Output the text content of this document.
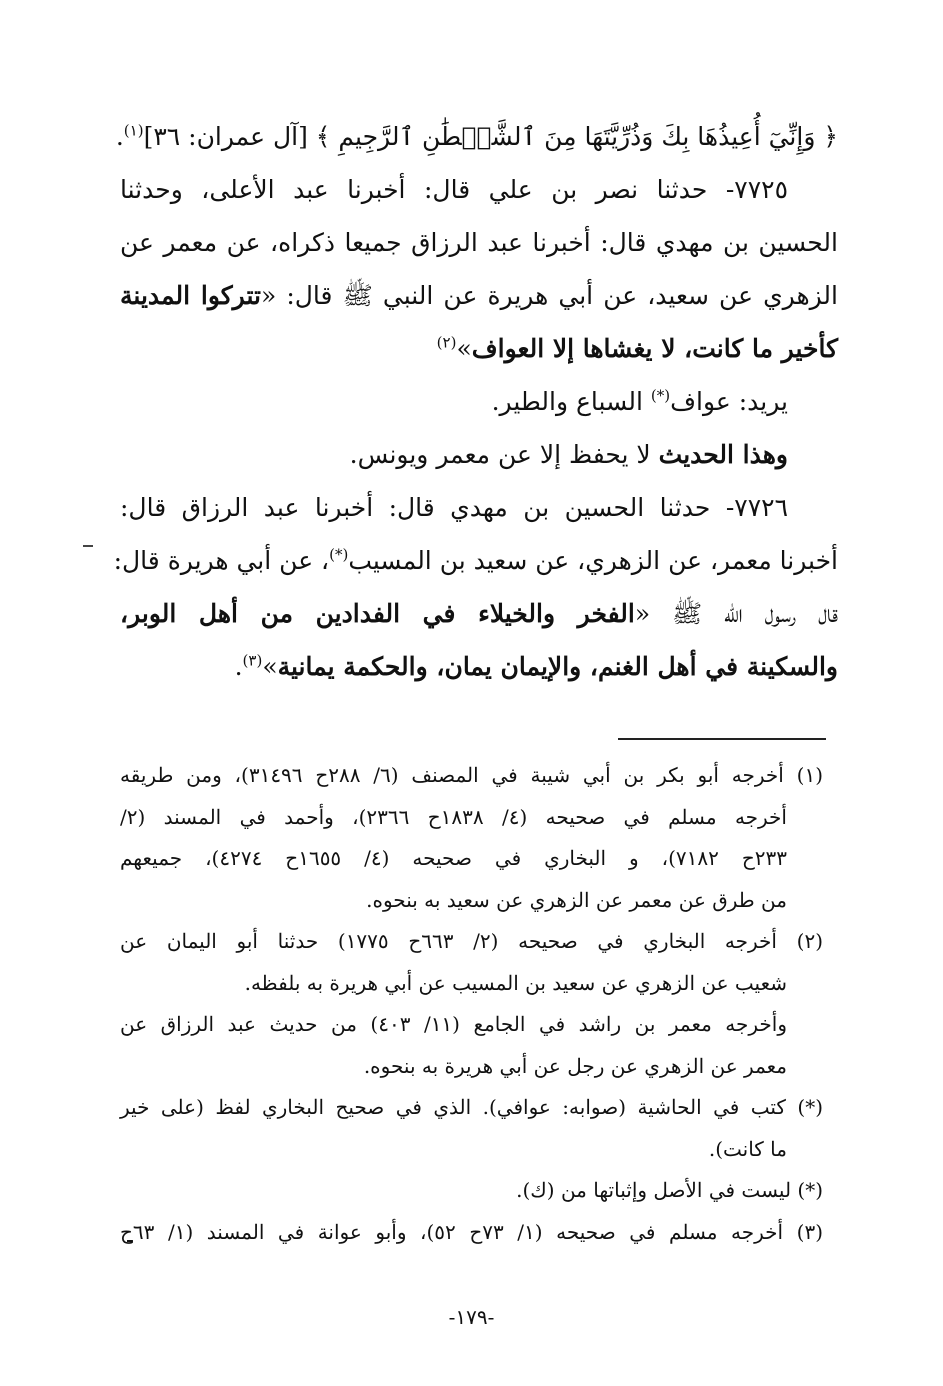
﴿ وَإِنِّيٓ أُعِيذُهَا بِكَ وَذُرِّيَّتَهَا مِنَ ٱلشَّيۡطَٰنِ ٱلرَّجِيمِ ﴾ [آل عمران: ٣٦]$^{(١)}$.
٧٧٢٥- حدثنا نصر بن علي قال: أخبرنا عبد الأعلى، وحدثنا
الحسين بن مهدي قال: أخبرنا عبد الرزاق جميعا ذكراه، عن معمر عن
الزهري عن سعيد، عن أبي هريرة عن النبي ﷺ قال: «تتركوا المدينة
كأخير ما كانت، لا يغشاها إلا العواف»$^{(٢)}$
يريد: عواف(*) السباع والطير.
وهذا الحديث لا يحفظ إلا عن معمر ويونس.
٧٧٢٦- حدثنا الحسين بن مهدي قال: أخبرنا عبد الرزاق قال:
أخبرنا معمر، عن الزهري، عن سعيد بن المسيب(*)، عن أبي هريرة قال:
قال رسول الله ﷺ «الفخر والخيلاء في الفدادين من أهل الوبر،
والسكينة في أهل الغنم، والإيمان يمان، والحكمة يمانية»$^{(٣)}$.
(١) أخرجه أبو بكر بن أبي شيبة في المصنف (٦/ ٢٨٨ح ٣١٤٩٦)، ومن طريقه
أخرجه مسلم في صحيحه (٤/ ١٨٣٨ح ٢٣٦٦)، وأحمد في المسند (٢/
٢٣٣ح ٧١٨٢)، و البخاري في صحيحه (٤/ ١٦٥٥ح ٤٢٧٤)، جميعهم
من طرق عن معمر عن الزهري عن سعيد به بنحوه.
(٢) أخرجه البخاري في صحيحه (٢/ ٦٦٣ح ١٧٧٥) حدثنا أبو اليمان عن
شعيب عن الزهري عن سعيد بن المسيب عن أبي هريرة به بلفظه.
وأخرجه معمر بن راشد في الجامع (١١/ ٤٠٣) من حديث عبد الرزاق عن
معمر عن الزهري عن رجل عن أبي هريرة به بنحوه.
(*) كتب في الحاشية (صوابه: عوافي). الذي في صحيح البخاري لفظ (على خير
ما كانت).
(*) ليست في الأصل وإثباتها من (ك).
(٣) أخرجه مسلم في صحيحه (١/ ٧٣ح ٥٢)، وأبو عوانة في المسند (١/ ٦٣ح
-١٧٩-
